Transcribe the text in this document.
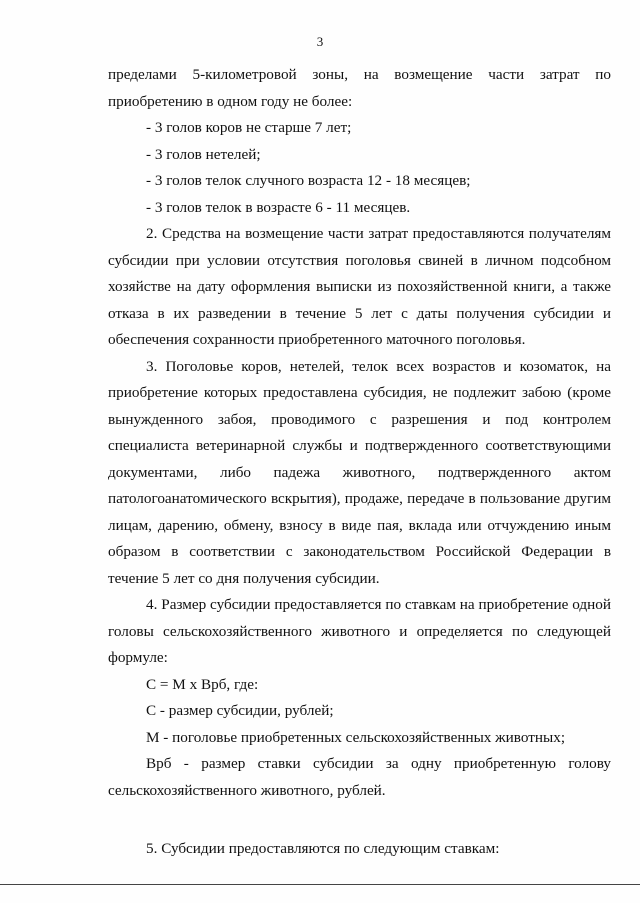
3

пределами 5-километровой зоны, на возмещение части затрат по приобретению в одном году не более:

- 3 голов коров не старше 7 лет;

- 3 голов нетелей;

- 3 голов телок случного возраста 12 - 18 месяцев;

- 3 голов телок в возрасте 6 - 11 месяцев.

2. Средства на возмещение части затрат предоставляются получателям субсидии при условии отсутствия поголовья свиней в личном подсобном хозяйстве на дату оформления выписки из похозяйственной книги, а также отказа в их разведении в течение 5 лет с даты получения субсидии и обеспечения сохранности приобретенного маточного поголовья.

3. Поголовье коров, нетелей, телок всех возрастов и козоматок, на приобретение которых предоставлена субсидия, не подлежит забою (кроме вынужденного забоя, проводимого с разрешения и под контролем специалиста ветеринарной службы и подтвержденного соответствующими документами, либо падежа животного, подтвержденного актом патологоанатомического вскрытия), продаже, передаче в пользование другим лицам, дарению, обмену, взносу в виде пая, вклада или отчуждению иным образом в соответствии с законодательством Российской Федерации в течение 5 лет со дня получения субсидии.

4. Размер субсидии предоставляется по ставкам на приобретение одной головы сельскохозяйственного животного и определяется по следующей формуле:

С = М х Врб, где:

С - размер субсидии, рублей;

М - поголовье приобретенных сельскохозяйственных животных;

Врб - размер ставки субсидии за одну приобретенную голову сельскохозяйственного животного, рублей.

5. Субсидии предоставляются по следующим ставкам:
